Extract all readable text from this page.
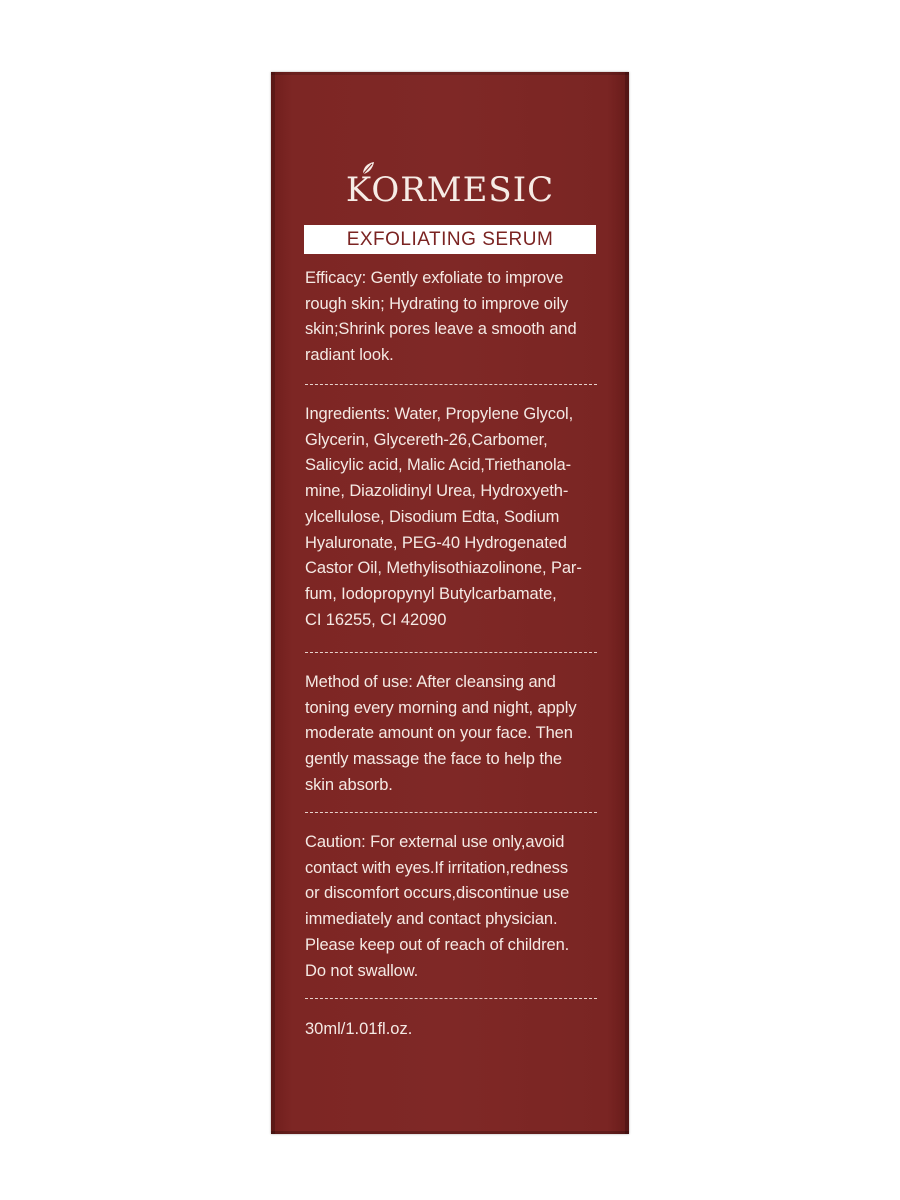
KORMESIC
EXFOLIATING SERUM
Efficacy: Gently exfoliate to improve
rough skin; Hydrating to improve oily
skin;Shrink pores leave a smooth and
radiant look.
Ingredients: Water, Propylene Glycol,
Glycerin, Glycereth-26,Carbomer,
Salicylic acid, Malic Acid,Triethanola-
mine, Diazolidinyl Urea, Hydroxyeth-
ylcellulose, Disodium Edta, Sodium
Hyaluronate, PEG-40 Hydrogenated
Castor Oil, Methylisothiazolinone, Par-
fum, Iodopropynyl Butylcarbamate,
CI 16255, CI 42090
Method of use: After cleansing and
toning every morning and night, apply
moderate amount on your face. Then
gently massage the face to help the
skin absorb.
Caution: For external use only,avoid
contact with eyes.If irritation,redness
or discomfort occurs,discontinue use
immediately and contact physician.
Please keep out of reach of children.
Do not swallow.
30ml/1.01fl.oz.
